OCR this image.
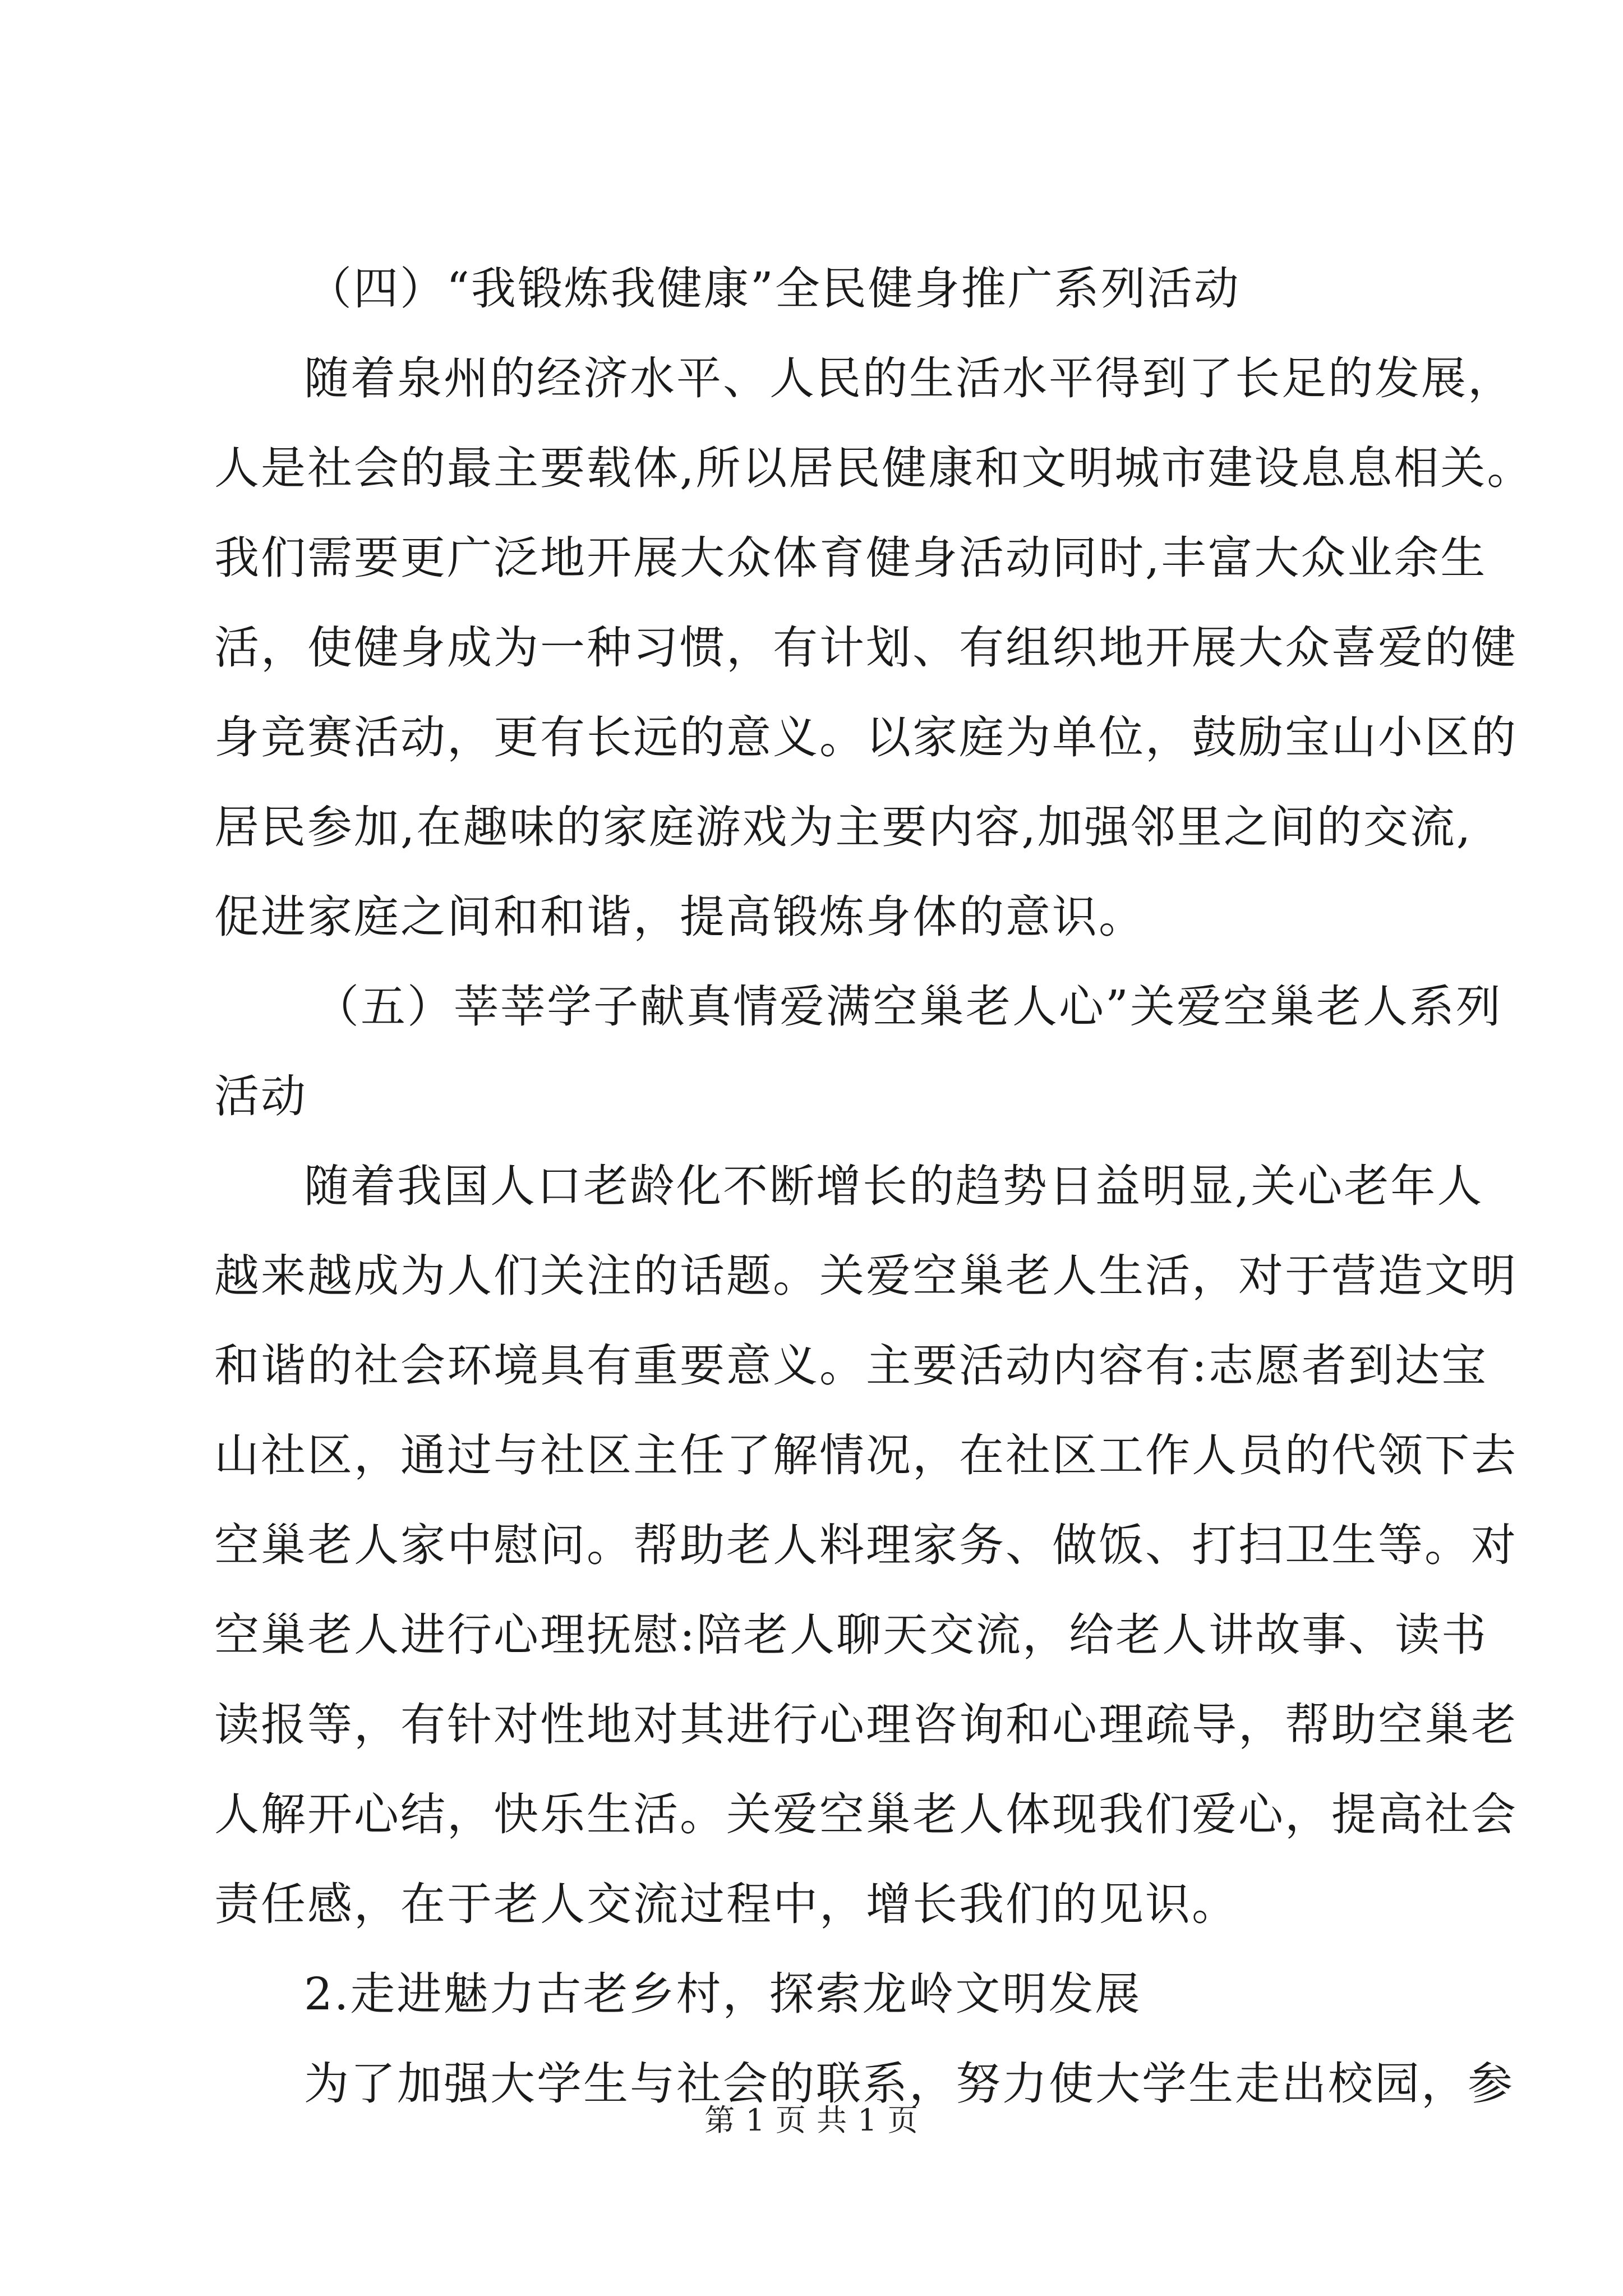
（四）“我锻炼我健康”全民健身推广系列活动
随着泉州的经济水平、人民的生活水平得到了长足的发展，
人是社会的最主要载体,所以居民健康和文明城市建设息息相关。
我们需要更广泛地开展大众体育健身活动同时,丰富大众业余生
活，使健身成为一种习惯，有计划、有组织地开展大众喜爱的健
身竞赛活动，更有长远的意义。以家庭为单位，鼓励宝山小区的
居民参加,在趣味的家庭游戏为主要内容,加强邻里之间的交流,
促进家庭之间和和谐，提高锻炼身体的意识。
（五）莘莘学子献真情爱满空巢老人心”关爱空巢老人系列
活动
随着我国人口老龄化不断增长的趋势日益明显,关心老年人
越来越成为人们关注的话题。关爱空巢老人生活，对于营造文明
和谐的社会环境具有重要意义。主要活动内容有:志愿者到达宝
山社区，通过与社区主任了解情况，在社区工作人员的代领下去
空巢老人家中慰问。帮助老人料理家务、做饭、打扫卫生等。对
空巢老人进行心理抚慰:陪老人聊天交流，给老人讲故事、读书
读报等，有针对性地对其进行心理咨询和心理疏导，帮助空巢老
人解开心结，快乐生活。关爱空巢老人体现我们爱心，提高社会
责任感，在于老人交流过程中，增长我们的见识。
2.走进魅力古老乡村，探索龙岭文明发展
为了加强大学生与社会的联系，努力使大学生走出校园，参
第 1 页 共 1 页
